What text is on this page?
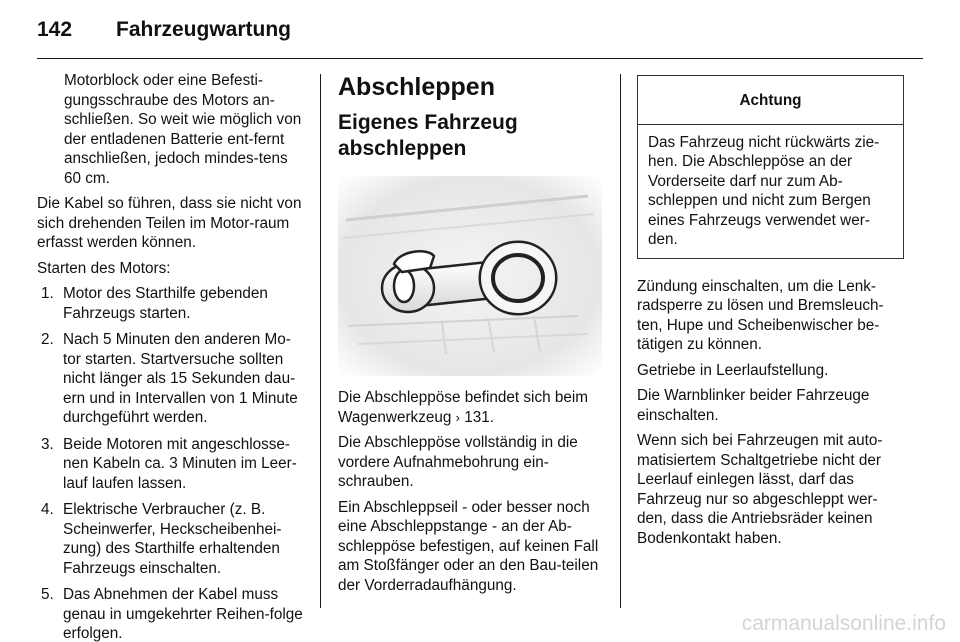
142 Fahrzeugwartung

Motorblock oder eine Befesti-gungsschraube des Motors an-schließen. So weit wie möglich von der entladenen Batterie ent-fernt anschließen, jedoch mindes-tens 60 cm.

Die Kabel so führen, dass sie nicht von sich drehenden Teilen im Motor-raum erfasst werden können.

Starten des Motors:

1. Motor des Starthilfe gebenden Fahrzeugs starten.
2. Nach 5 Minuten den anderen Mo-tor starten. Startversuche sollten nicht länger als 15 Sekunden dau-ern und in Intervallen von 1 Minute durchgeführt werden.
3. Beide Motoren mit angeschlosse-nen Kabeln ca. 3 Minuten im Leer-lauf laufen lassen.
4. Elektrische Verbraucher (z. B. Scheinwerfer, Heckscheibenhei-zung) des Starthilfe erhaltenden Fahrzeugs einschalten.
5. Das Abnehmen der Kabel muss genau in umgekehrter Reihen-folge erfolgen.
Abschleppen
Eigenes Fahrzeug abschleppen

Die Abschleppöse befindet sich beim Wagenwerkzeug › 131.

Die Abschleppöse vollständig in die vordere Aufnahmebohrung ein-schrauben.

Ein Abschleppseil - oder besser noch eine Abschleppstange - an der Ab-schleppöse befestigen, auf keinen Fall am Stoßfänger oder an den Bau-teilen der Vorderradaufhängung.

Achtung
Das Fahrzeug nicht rückwärts zie-hen. Die Abschleppöse an der Vorderseite darf nur zum Ab-schleppen und nicht zum Bergen eines Fahrzeugs verwendet wer-den.

Zündung einschalten, um die Lenk-radsperre zu lösen und Bremsleuch-ten, Hupe und Scheibenwischer be-tätigen zu können.

Getriebe in Leerlaufstellung.

Die Warnblinker beider Fahrzeuge einschalten.

Wenn sich bei Fahrzeugen mit auto-matisiertem Schaltgetriebe nicht der Leerlauf einlegen lässt, darf das Fahrzeug nur so abgeschleppt wer-den, dass die Antriebsräder keinen Bodenkontakt haben.

carmanualsonline.info
